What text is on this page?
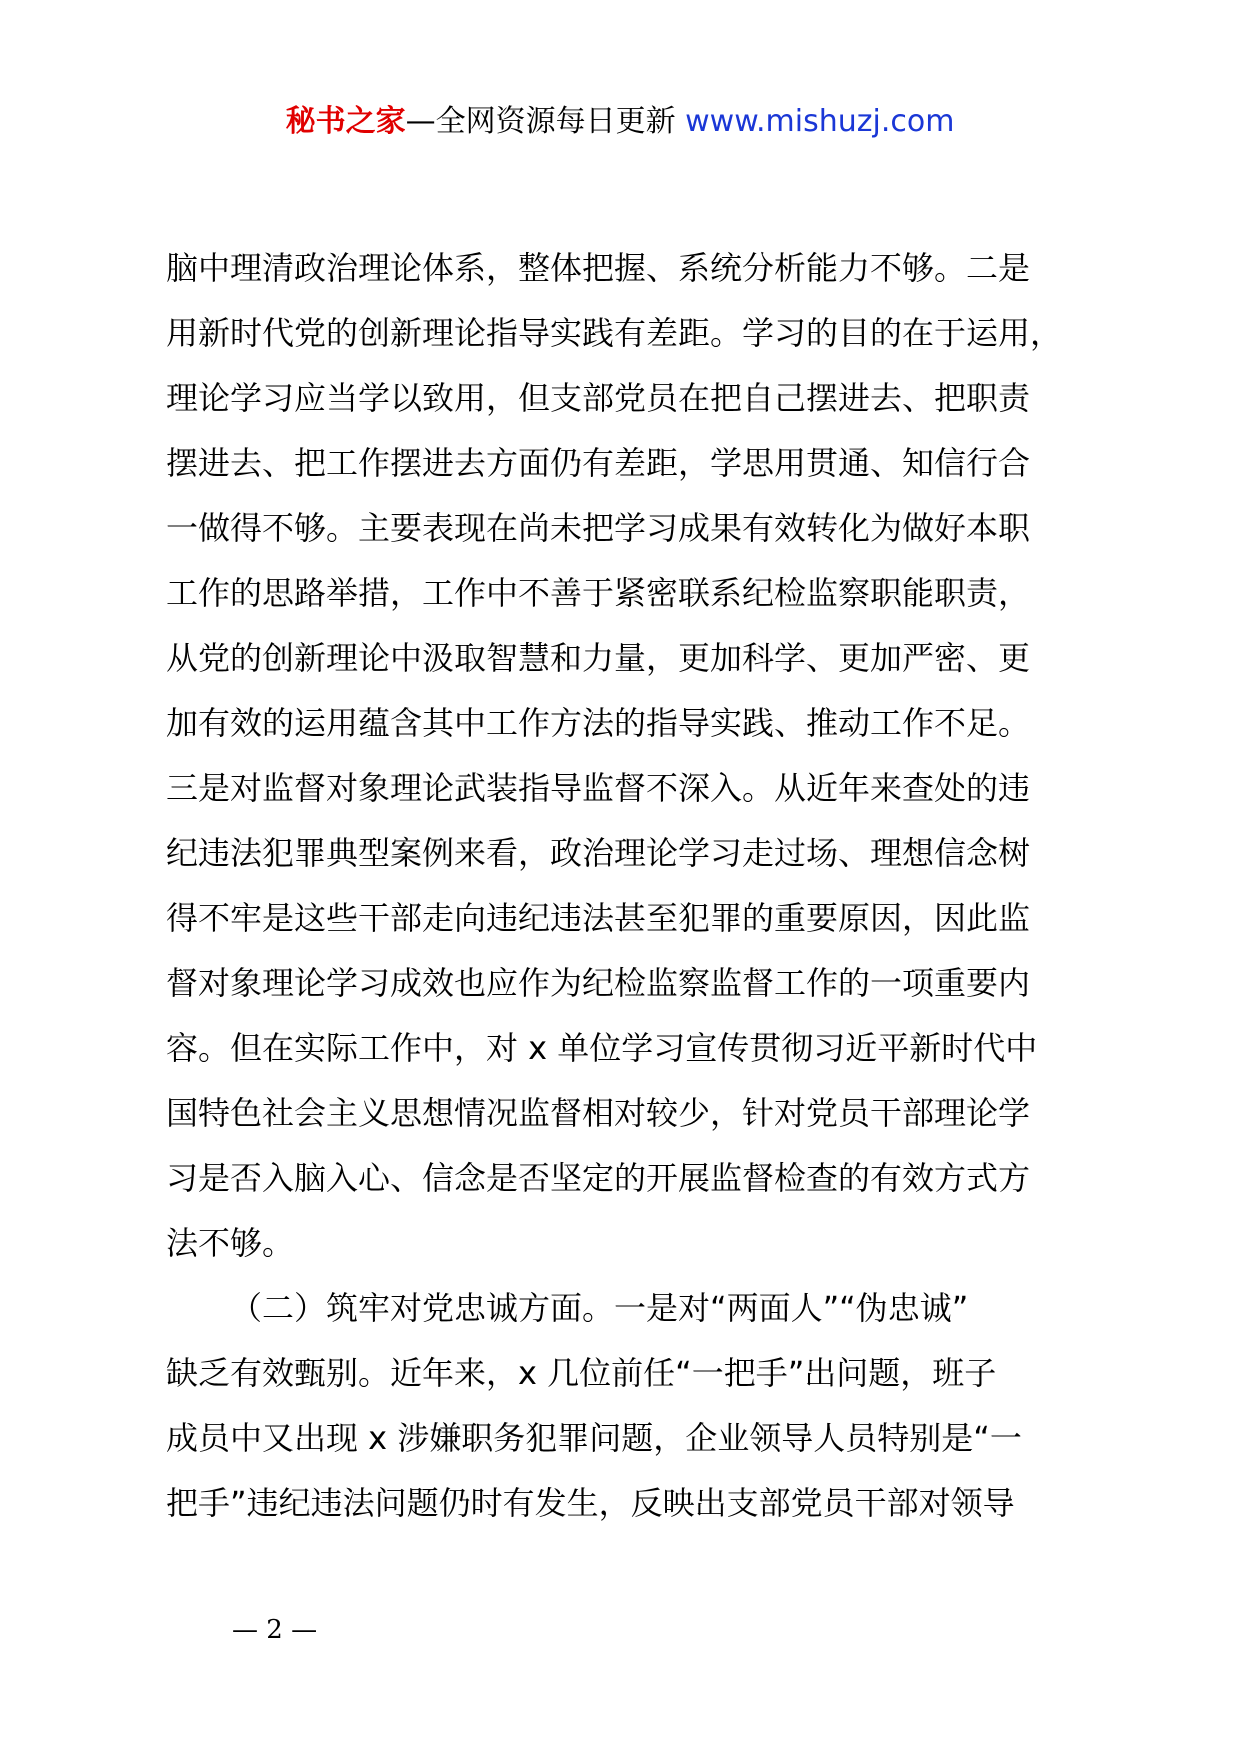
秘书之家—全网资源每日更新 www.mishuzj.com
脑中理清政治理论体系，整体把握、系统分析能力不够。二是
用新时代党的创新理论指导实践有差距。学习的目的在于运用，
理论学习应当学以致用，但支部党员在把自己摆进去、把职责
摆进去、把工作摆进去方面仍有差距，学思用贯通、知信行合
一做得不够。主要表现在尚未把学习成果有效转化为做好本职
工作的思路举措，工作中不善于紧密联系纪检监察职能职责，
从党的创新理论中汲取智慧和力量，更加科学、更加严密、更
加有效的运用蕴含其中工作方法的指导实践、推动工作不足。
三是对监督对象理论武装指导监督不深入。从近年来查处的违
纪违法犯罪典型案例来看，政治理论学习走过场、理想信念树
得不牢是这些干部走向违纪违法甚至犯罪的重要原因，因此监
督对象理论学习成效也应作为纪检监察监督工作的一项重要内
容。但在实际工作中，对 x 单位学习宣传贯彻习近平新时代中
国特色社会主义思想情况监督相对较少，针对党员干部理论学
习是否入脑入心、信念是否坚定的开展监督检查的有效方式方
法不够。
（二）筑牢对党忠诚方面。一是对“两面人”“伪忠诚”
缺乏有效甄别。近年来，x 几位前任“一把手”出问题，班子
成员中又出现 x 涉嫌职务犯罪问题，企业领导人员特别是“一
把手”违纪违法问题仍时有发生，反映出支部党员干部对领导
— 2 —
